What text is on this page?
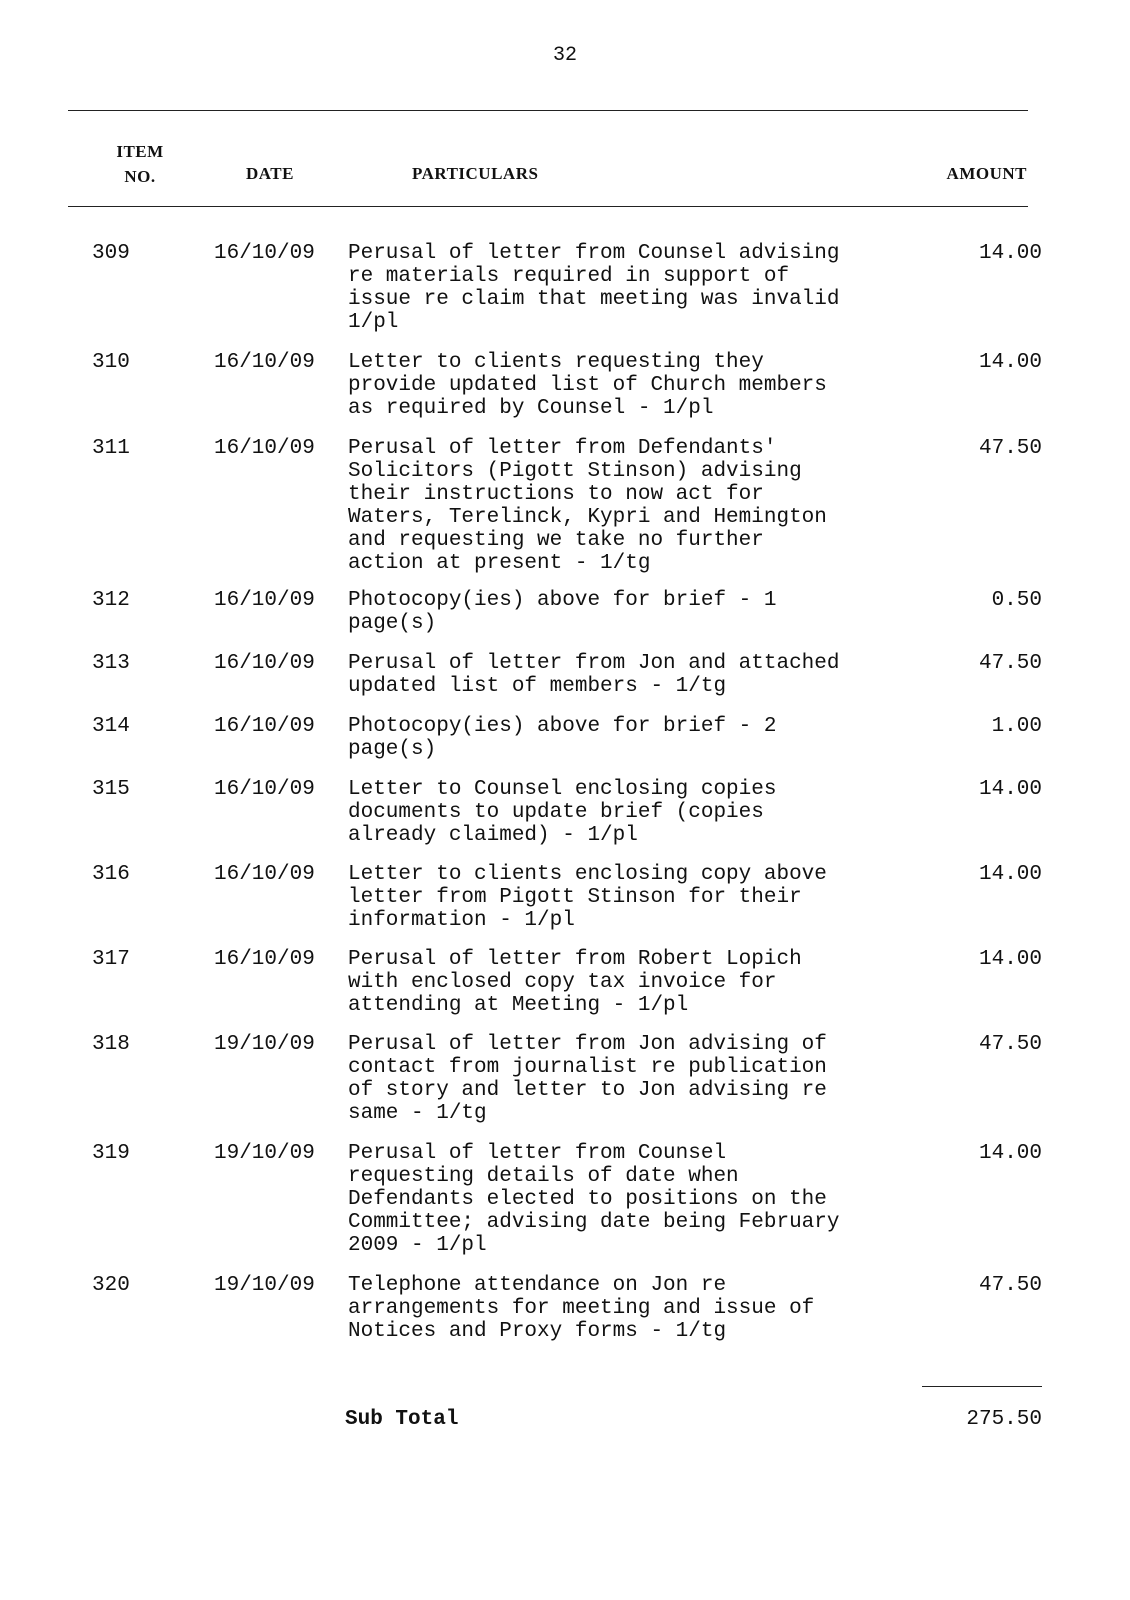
32
ITEM NO.	DATE	PARTICULARS	AMOUNT
309	16/10/09 Perusal of letter from Counsel advising
re materials required in support of
issue re claim that meeting was invalid
1/pl
14.00
310	16/10/09 Letter to clients requesting they
provide updated list of Church members
as required by Counsel - 1/pl
14.00
311	16/10/09 Perusal of letter from Defendants'
Solicitors (Pigott Stinson) advising
their instructions to now act for
Waters, Terelinck, Kypri and Hemington
and requesting we take no further
action at present - 1/tg
47.50
312	16/10/09 Photocopy(ies) above for brief - 1
page(s)
0.50
313	16/10/09 Perusal of letter from Jon and attached
updated list of members - 1/tg
47.50
314	16/10/09 Photocopy(ies) above for brief - 2
page(s)
1.00
315	16/10/09 Letter to Counsel enclosing copies
documents to update brief (copies
already claimed) - 1/pl
14.00
316	16/10/09 Letter to clients enclosing copy above
letter from Pigott Stinson for their
information - 1/pl
14.00
317	16/10/09 Perusal of letter from Robert Lopich
with enclosed copy tax invoice for
attending at Meeting - 1/pl
14.00
318	19/10/09 Perusal of letter from Jon advising of
contact from journalist re publication
of story and letter to Jon advising re
same - 1/tg
47.50
319	19/10/09 Perusal of letter from Counsel
requesting details of date when
Defendants elected to positions on the
Committee; advising date being February
2009 - 1/pl
14.00
320	19/10/09 Telephone attendance on Jon re
arrangements for meeting and issue of
Notices and Proxy forms - 1/tg
47.50
Sub Total	275.50
